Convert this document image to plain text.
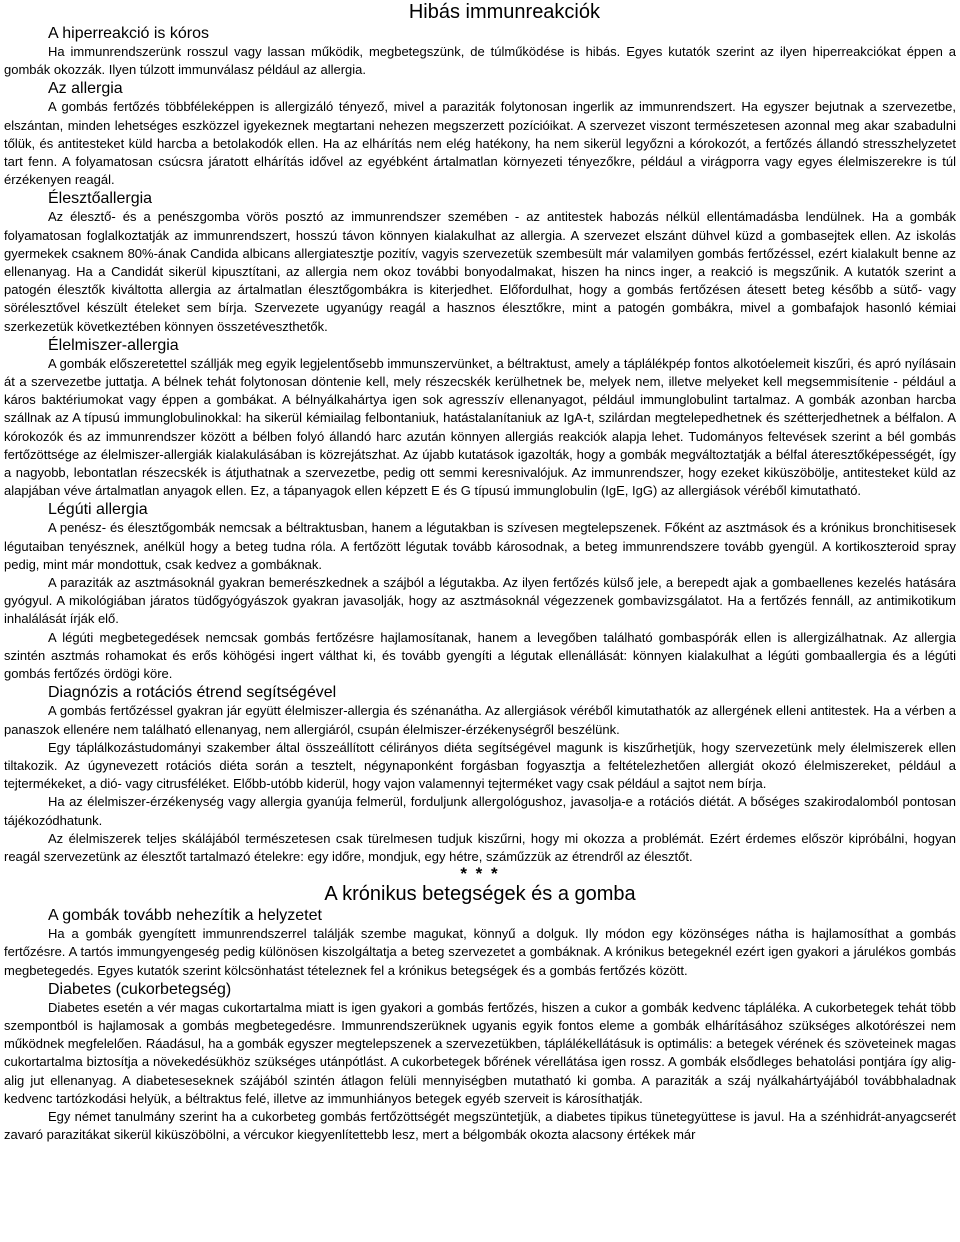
Hibás immunreakciók
A hiperreakció is kóros

Ha immunrendszerünk rosszul vagy lassan működik, megbetegszünk, de túlműködése is hibás. Egyes kutatók szerint az ilyen hiperreakciókat éppen a gombák okozzák. Ilyen túlzott immunválasz például az allergia.

Az allergia

A gombás fertőzés többféleképpen is allergizáló tényező, mivel a paraziták folytonosan ingerlik az immunrendszert. Ha egyszer bejutnak a szervezetbe, elszántan, minden lehetséges eszközzel igyekeznek megtartani nehezen megszerzett pozícióikat. A szervezet viszont természetesen azonnal meg akar szabadulni tőlük, és antitesteket küld harcba a betolakodók ellen. Ha az elhárítás nem elég hatékony, ha nem sikerül legyőzni a kórokozót, a fertőzés állandó stresszhelyzetet tart fenn. A folyamatosan csúcsra járatott elhárítás idővel az egyébként ártalmatlan környezeti tényezőkre, például a virágporra vagy egyes élelmiszerekre is túl érzékenyen reagál.

Élesztőallergia

Az élesztő- és a penészgomba vörös posztó az immunrendszer szemében - az antitestek habozás nélkül ellentámadásba lendülnek. Ha a gombák folyamatosan foglalkoztatják az immunrendszert, hosszú távon könnyen kialakulhat az allergia. A szervezet elszánt dühvel küzd a gombasejtek ellen. Az iskolás gyermekek csaknem 80%-ának Candida albicans allergiatesztje pozitív, vagyis szervezetük szembesült már valamilyen gombás fertőzéssel, ezért kialakult benne az ellenanyag. Ha a Candidát sikerül kipusztítani, az allergia nem okoz további bonyodalmakat, hiszen ha nincs inger, a reakció is megszűnik. A kutatók szerint a patogén élesztők kiváltotta allergia az ártalmatlan élesztőgombákra is kiterjedhet. Előfordulhat, hogy a gombás fertőzésen átesett beteg később a sütő- vagy sörélesztővel készült ételeket sem bírja. Szervezete ugyanúgy reagál a hasznos élesztőkre, mint a patogén gombákra, mivel a gombafajok hasonló kémiai szerkezetük következtében könnyen összetéveszthetők.

Élelmiszer-allergia

A gombák előszeretettel szállják meg egyik legjelentősebb immunszervünket, a béltraktust, amely a táplálékpép fontos alkotóelemeit kiszűri, és apró nyílásain át a szervezetbe juttatja. A bélnek tehát folytonosan döntenie kell, mely részecskék kerülhetnek be, melyek nem, illetve melyeket kell megsemmisítenie - például a káros baktériumokat vagy éppen a gombákat. A bélnyálkahártya igen sok agresszív ellenanyagot, például immunglobulint tartalmaz. A gombák azonban harcba szállnak az A típusú immunglobulinokkal: ha sikerül kémiailag felbontaniuk, hatástalanítaniuk az IgA-t, szilárdan megtelepedhetnek és szétterjedhetnek a bélfalon. A kórokozók és az immunrendszer között a bélben folyó állandó harc azután könnyen allergiás reakciók alapja lehet. Tudományos feltevések szerint a bél gombás fertőzöttsége az élelmiszer-allergiák kialakulásában is közrejátszhat. Az újabb kutatások igazolták, hogy a gombák megváltoztatják a bélfal áteresztőképességét, így a nagyobb, lebontatlan részecskék is átjuthatnak a szervezetbe, pedig ott semmi keresnivalójuk. Az immunrendszer, hogy ezeket kiküszöbölje, antitesteket küld az alapjában véve ártalmatlan anyagok ellen. Ez, a tápanyagok ellen képzett E és G típusú immunglobulin (IgE, IgG) az allergiások véréből kimutatható.

Légúti allergia

A penész- és élesztőgombák nemcsak a béltraktusban, hanem a légutakban is szívesen megtelepszenek. Főként az asztmások és a krónikus bronchitisesek légutaiban tenyésznek, anélkül hogy a beteg tudna róla. A fertőzött légutak tovább károsodnak, a beteg immunrendszere tovább gyengül. A kortikoszteroid spray pedig, mint már mondottuk, csak kedvez a gombáknak.

A paraziták az asztmásoknál gyakran bemerészkednek a szájból a légutakba. Az ilyen fertőzés külső jele, a berepedt ajak a gombaellenes kezelés hatására gyógyul. A mikológiában járatos tüdőgyógyászok gyakran javasolják, hogy az asztmásoknál végezzenek gombavizsgálatot. Ha a fertőzés fennáll, az antimikotikum inhalálását írják elő.

A légúti megbetegedések nemcsak gombás fertőzésre hajlamosítanak, hanem a levegőben található gombaspórák ellen is allergizálhatnak. Az allergia szintén asztmás rohamokat és erős köhögési ingert válthat ki, és tovább gyengíti a légutak ellenállását: könnyen kialakulhat a légúti gombaallergia és a légúti gombás fertőzés ördögi köre.

Diagnózis a rotációs étrend segítségével

A gombás fertőzéssel gyakran jár együtt élelmiszer-allergia és szénanátha. Az allergiások véréből kimutathatók az allergének elleni antitestek. Ha a vérben a panaszok ellenére nem található ellenanyag, nem allergiáról, csupán élelmiszer-érzékenységről beszélünk.

Egy táplálkozástudományi szakember által összeállított célirányos diéta segítségével magunk is kiszűrhetjük, hogy szervezetünk mely élelmiszerek ellen tiltakozik. Az úgynevezett rotációs diéta során a tesztelt, négynaponként forgásban fogyasztja a feltételezhetően allergiát okozó élelmiszereket, például a tejtermékeket, a dió- vagy citrusféléket. Előbb-utóbb kiderül, hogy vajon valamennyi tejterméket vagy csak például a sajtot nem bírja.

Ha az élelmiszer-érzékenység vagy allergia gyanúja felmerül, forduljunk allergológushoz, javasolja-e a rotációs diétát. A bőséges szakirodalomból pontosan tájékozódhatunk.

Az élelmiszerek teljes skálájából természetesen csak türelmesen tudjuk kiszűrni, hogy mi okozza a problémát. Ezért érdemes először kipróbálni, hogyan reagál szervezetünk az élesztőt tartalmazó ételekre: egy időre, mondjuk, egy hétre, száműzzük az étrendről az élesztőt.

* * *
A krónikus betegségek és a gomba
A gombák tovább nehezítik a helyzetet

Ha a gombák gyengített immunrendszerrel találják szembe magukat, könnyű a dolguk. Ily módon egy közönséges nátha is hajlamosíthat a gombás fertőzésre. A tartós immungyengeség pedig különösen kiszolgáltatja a beteg szervezetet a gombáknak. A krónikus betegeknél ezért igen gyakori a járulékos gombás megbetegedés. Egyes kutatók szerint kölcsönhatást tételeznek fel a krónikus betegségek és a gombás fertőzés között.

Diabetes (cukorbetegség)

Diabetes esetén a vér magas cukortartalma miatt is igen gyakori a gombás fertőzés, hiszen a cukor a gombák kedvenc tápláléka. A cukorbetegek tehát több szempontból is hajlamosak a gombás megbetegedésre. Immunrendszerüknek ugyanis egyik fontos eleme a gombák elhárításához szükséges alkotórészei nem működnek megfelelően. Ráadásul, ha a gombák egyszer megtelepszenek a szervezetükben, táplálékellátásuk is optimális: a betegek vérének és szöveteinek magas cukortartalma biztosítja a növekedésükhöz szükséges utánpótlást. A cukorbetegek bőrének vérellátása igen rossz. A gombák elsődleges behatolási pontjára így alig-alig jut ellenanyag. A diabeteseseknek szájából szintén átlagon felüli mennyiségben mutatható ki gomba. A paraziták a száj nyálkahártyájából továbbhaladnak kedvenc tartózkodási helyük, a béltraktus felé, illetve az immunhiányos betegek egyéb szerveit is károsíthatják.

Egy német tanulmány szerint ha a cukorbeteg gombás fertőzöttségét megszüntetjük, a diabetes tipikus tünetegyüttese is javul. Ha a szénhidrát-anyagcserét zavaró parazitákat sikerül kiküszöbölni, a vércukor kiegyenlítettebb lesz, mert a bélgombák okozta alacsony értékek már
